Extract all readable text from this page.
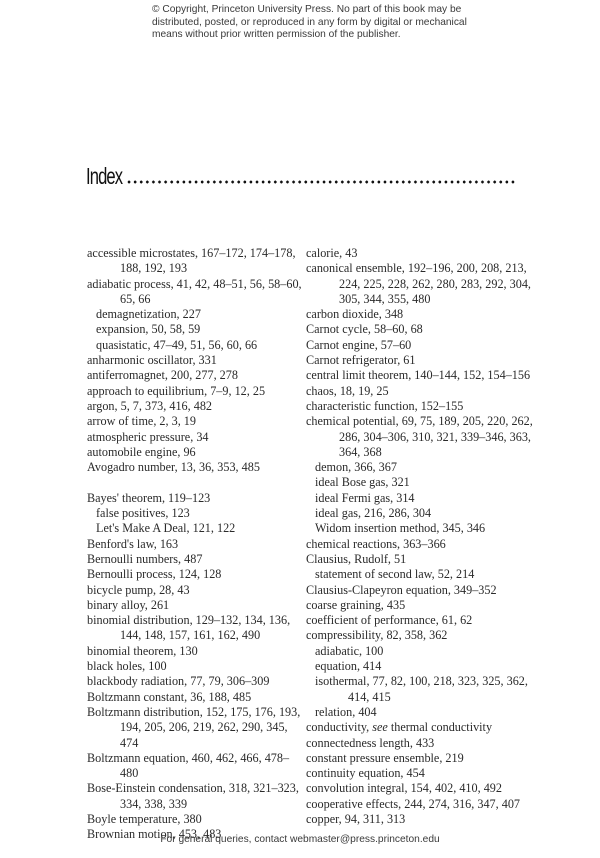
© Copyright, Princeton University Press. No part of this book may be distributed, posted, or reproduced in any form by digital or mechanical means without prior written permission of the publisher.
Index
accessible microstates, 167–172, 174–178, 188, 192, 193
adiabatic process, 41, 42, 48–51, 56, 58–60, 65, 66
demagnetization, 227
expansion, 50, 58, 59
quasistatic, 47–49, 51, 56, 60, 66
anharmonic oscillator, 331
antiferromagnet, 200, 277, 278
approach to equilibrium, 7–9, 12, 25
argon, 5, 7, 373, 416, 482
arrow of time, 2, 3, 19
atmospheric pressure, 34
automobile engine, 96
Avogadro number, 13, 36, 353, 485
Bayes' theorem, 119–123
false positives, 123
Let's Make A Deal, 121, 122
Benford's law, 163
Bernoulli numbers, 487
Bernoulli process, 124, 128
bicycle pump, 28, 43
binary alloy, 261
binomial distribution, 129–132, 134, 136, 144, 148, 157, 161, 162, 490
binomial theorem, 130
black holes, 100
blackbody radiation, 77, 79, 306–309
Boltzmann constant, 36, 188, 485
Boltzmann distribution, 152, 175, 176, 193, 194, 205, 206, 219, 262, 290, 345, 474
Boltzmann equation, 460, 462, 466, 478–480
Bose-Einstein condensation, 318, 321–323, 334, 338, 339
Boyle temperature, 380
Brownian motion, 453, 483
calorie, 43
canonical ensemble, 192–196, 200, 208, 213, 224, 225, 228, 262, 280, 283, 292, 304, 305, 344, 355, 480
carbon dioxide, 348
Carnot cycle, 58–60, 68
Carnot engine, 57–60
Carnot refrigerator, 61
central limit theorem, 140–144, 152, 154–156
chaos, 18, 19, 25
characteristic function, 152–155
chemical potential, 69, 75, 189, 205, 220, 262, 286, 304–306, 310, 321, 339–346, 363, 364, 368
demon, 366, 367
ideal Bose gas, 321
ideal Fermi gas, 314
ideal gas, 216, 286, 304
Widom insertion method, 345, 346
chemical reactions, 363–366
Clausius, Rudolf, 51
statement of second law, 52, 214
Clausius-Clapeyron equation, 349–352
coarse graining, 435
coefficient of performance, 61, 62
compressibility, 82, 358, 362
adiabatic, 100
equation, 414
isothermal, 77, 82, 100, 218, 323, 325, 362, 414, 415
relation, 404
conductivity, see thermal conductivity
connectedness length, 433
constant pressure ensemble, 219
continuity equation, 454
convolution integral, 154, 402, 410, 492
cooperative effects, 244, 274, 316, 347, 407
copper, 94, 311, 313
For general queries, contact webmaster@press.princeton.edu
